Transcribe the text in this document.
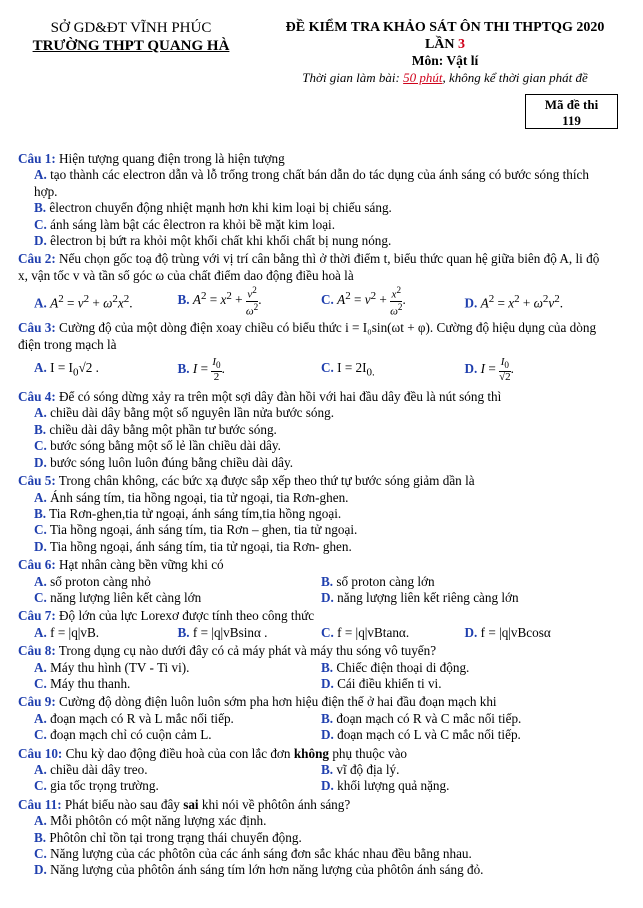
SỞ GD&ĐT VĨNH PHÚC
TRƯỜNG THPT QUANG HÀ
ĐỀ KIỂM TRA KHẢO SÁT ÔN THI THPTQG 2020
LẦN 3
Môn: Vật lí
Thời gian làm bài: 50 phút, không kể thời gian phát đề
Mã đề thi
119
Câu 1: Hiện tượng quang điện trong là hiện tượng
A. tạo thành các electron dẫn và lỗ trống trong chất bán dẫn do tác dụng của ánh sáng có bước sóng thích hợp.
B. êlectron chuyển động nhiệt mạnh hơn khi kim loại bị chiếu sáng.
C. ánh sáng làm bật các êlectron ra khỏi bề mặt kim loại.
D. êlectron bị bứt ra khỏi một khối chất khi khối chất bị nung nóng.
Câu 2: Nếu chọn gốc toạ độ trùng với vị trí cân bằng thì ở thời điểm t, biểu thức quan hệ giữa biên độ A, li độ x, vận tốc v và tần số góc ω của chất điểm dao động điều hoà là
A. $A^2 = v^2 + \omega^2x^2$.	B. $A^2 = x^2 + \frac{v^2}{\omega^2}$ .	C. $A^2 = v^2 + \frac{x^2}{\omega^2}$ .	D. $A^2 = x^2 + \omega^2v^2$.
Câu 3: Cường độ của một dòng điện xoay chiều có biểu thức i = I₀sin(ωt + φ). Cường độ hiệu dụng của dòng điện trong mạch là
A. $I = I_0√2$ .	B. $I = \frac{I_0}{2}$ .	C. $I = 2I_{0.}$	D. $I = \frac{I_0}{√2}$ .
Câu 4: Để có sóng dừng xảy ra trên một sợi dây đàn hồi với hai đầu dây đều là nút sóng thì
A. chiều dài dây bằng một số nguyên lần nửa bước sóng.
B. chiều dài dây bằng một phần tư bước sóng.
C. bước sóng bằng một số lẻ lần chiều dài dây.
D. bước sóng luôn luôn đúng bằng chiều dài dây.
Câu 5: Trong chân không, các bức xạ được sắp xếp theo thứ tự bước sóng giảm dần là
A. Ánh sáng tím, tia hồng ngoại, tia tử ngoại, tia Rơn-ghen.
B. Tia Rơn-ghen,tia tử ngoại, ánh sáng tím,tia hồng ngoại.
C. Tia hồng ngoại, ánh sáng tím, tia Rơn – ghen, tia tử ngoại.
D. Tia hồng ngoại, ánh sáng tím, tia tử ngoại, tia Rơn- ghen.
Câu 6: Hạt nhân càng bền vững khi có
A. số proton càng nhỏ	B. số proton càng lớn
C. năng lượng liên kết càng lớn	D. năng lượng liên kết riêng càng lớn
Câu 7: Độ lớn của lực Lorexơ được tính theo công thức
A. f = |q|vB.	B. f = |q|vBsinα .	C. f = |q|vBtanα.	D. f = |q|vBcosα
Câu 8: Trong dụng cụ nào dưới đây có cả máy phát và máy thu sóng vô tuyến?
A. Máy thu hình (TV - Ti vi).	B. Chiếc điện thoại di động.
C. Máy thu thanh.	D. Cái điều khiển ti vi.
Câu 9: Cường độ dòng điện luôn luôn sớm pha hơn hiệu điện thế ở hai đầu đoạn mạch khi
A. đoạn mạch có R và L mắc nối tiếp.	B. đoạn mạch có R và C mắc nối tiếp.
C. đoạn mạch chỉ có cuộn cảm L.	D. đoạn mạch có L và C mắc nối tiếp.
Câu 10: Chu kỳ dao động điều hoà của con lắc đơn không phụ thuộc vào
A. chiều dài dây treo.	B. vĩ độ địa lý.
C. gia tốc trọng trường.	D. khối lượng quả nặng.
Câu 11: Phát biểu nào sau đây sai khi nói về phôtôn ánh sáng?
A. Mỗi phôtôn có một năng lượng xác định.
B. Phôtôn chỉ tồn tại trong trạng thái chuyển động.
C. Năng lượng của các phôtôn của các ánh sáng đơn sắc khác nhau đều bằng nhau.
D. Năng lượng của phôtôn ánh sáng tím lớn hơn năng lượng của phôtôn ánh sáng đỏ.
